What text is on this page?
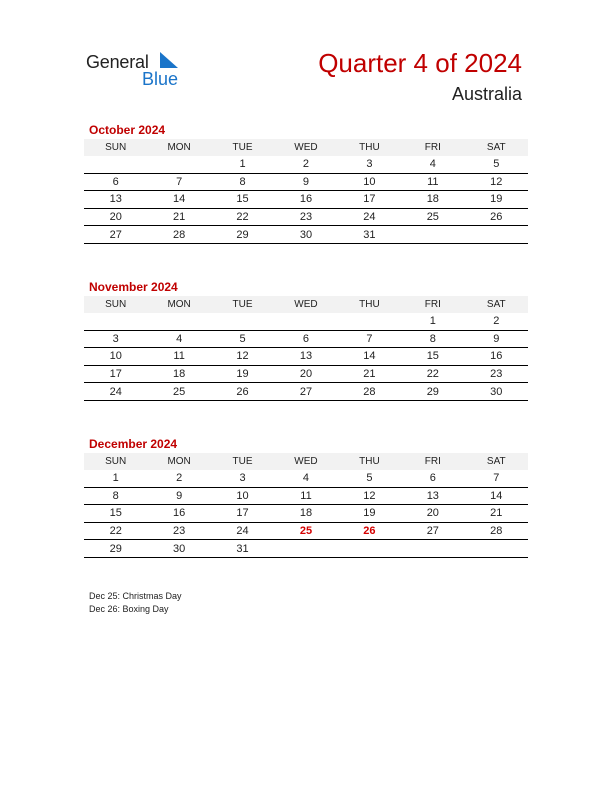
General
Blue
Quarter 4 of 2024
Australia
October 2024
SUN	MON	TUE	WED	THU	FRI	SAT
		1	2	3	4	5
6	7	8	9	10	11	12
13	14	15	16	17	18	19
20	21	22	23	24	25	26
27	28	29	30	31		
November 2024
SUN	MON	TUE	WED	THU	FRI	SAT
					1	2
3	4	5	6	7	8	9
10	11	12	13	14	15	16
17	18	19	20	21	22	23
24	25	26	27	28	29	30
December 2024
SUN	MON	TUE	WED	THU	FRI	SAT
1	2	3	4	5	6	7
8	9	10	11	12	13	14
15	16	17	18	19	20	21
22	23	24	25	26	27	28
29	30	31				
Dec 25: Christmas Day
Dec 26: Boxing Day
